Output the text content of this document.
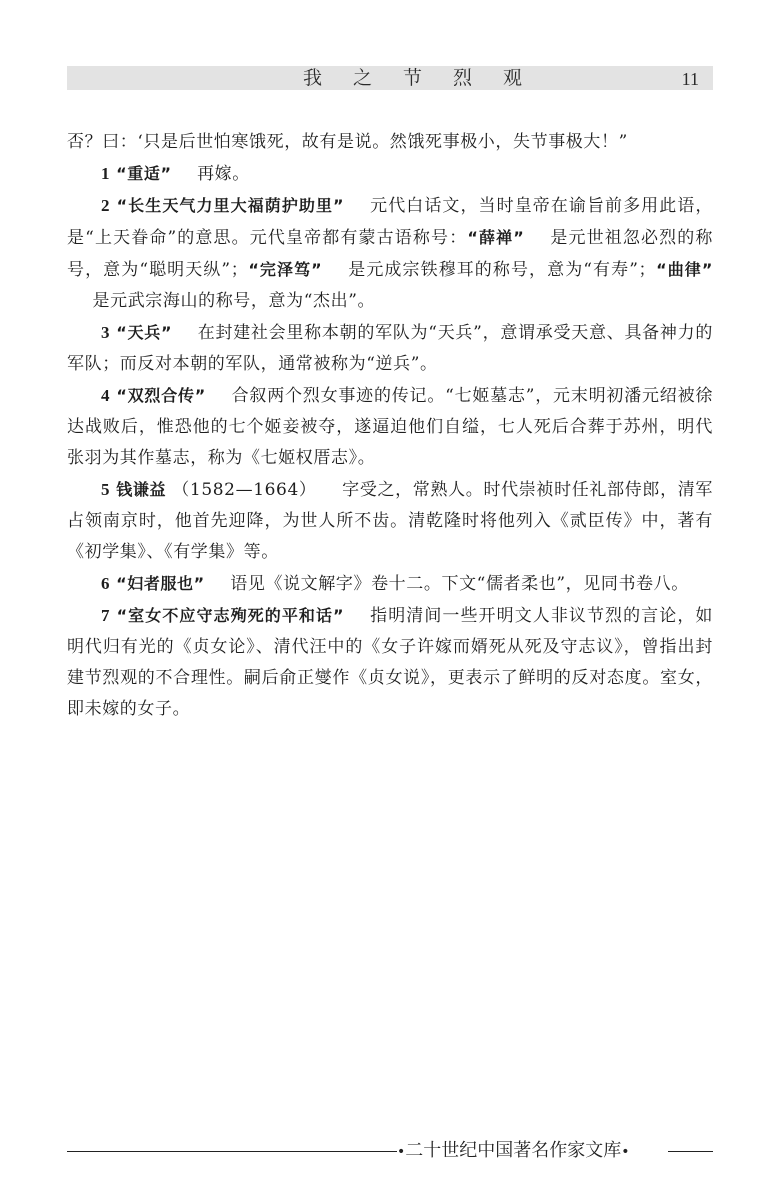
我之节烈观	11

否？曰：‘只是后世怕寒饿死，故有是说。然饿死事极小，失节事极大！”

1 “重适” 再嫁。

2 “长生天气力里大福荫护助里” 元代白话文，当时皇帝在谕旨前多用此语，是“上天眷命”的意思。元代皇帝都有蒙古语称号：“薛禅” 是元世祖忽必烈的称号，意为“聪明天纵”；“完泽笃” 是元成宗铁穆耳的称号，意为“有寿”；“曲律”是元武宗海山的称号，意为“杰出”。

3 “天兵” 在封建社会里称本朝的军队为“天兵”，意谓承受天意、具备神力的军队；而反对本朝的军队，通常被称为“逆兵”。

4 “双烈合传” 合叙两个烈女事迹的传记。“七姬墓志”，元末明初潘元绍被徐达战败后，惟恐他的七个姬妾被夺，遂逼迫他们自缢，七人死后合葬于苏州，明代张羽为其作墓志，称为《七姬权厝志》。

5 钱谦益 （1582—1664） 字受之，常熟人。时代崇祯时任礼部侍郎，清军占领南京时，他首先迎降，为世人所不齿。清乾隆时将他列入《贰臣传》中，著有《初学集》、《有学集》等。

6 “妇者服也” 语见《说文解字》卷十二。下文“儒者柔也”，见同书卷八。

7 “室女不应守志殉死的平和话” 指明清间一些开明文人非议节烈的言论，如明代归有光的《贞女论》、清代汪中的《女子许嫁而婿死从死及守志议》，曾指出封建节烈观的不合理性。嗣后俞正燮作《贞女说》，更表示了鲜明的反对态度。室女，即未嫁的女子。

•二十世纪中国著名作家文库•
